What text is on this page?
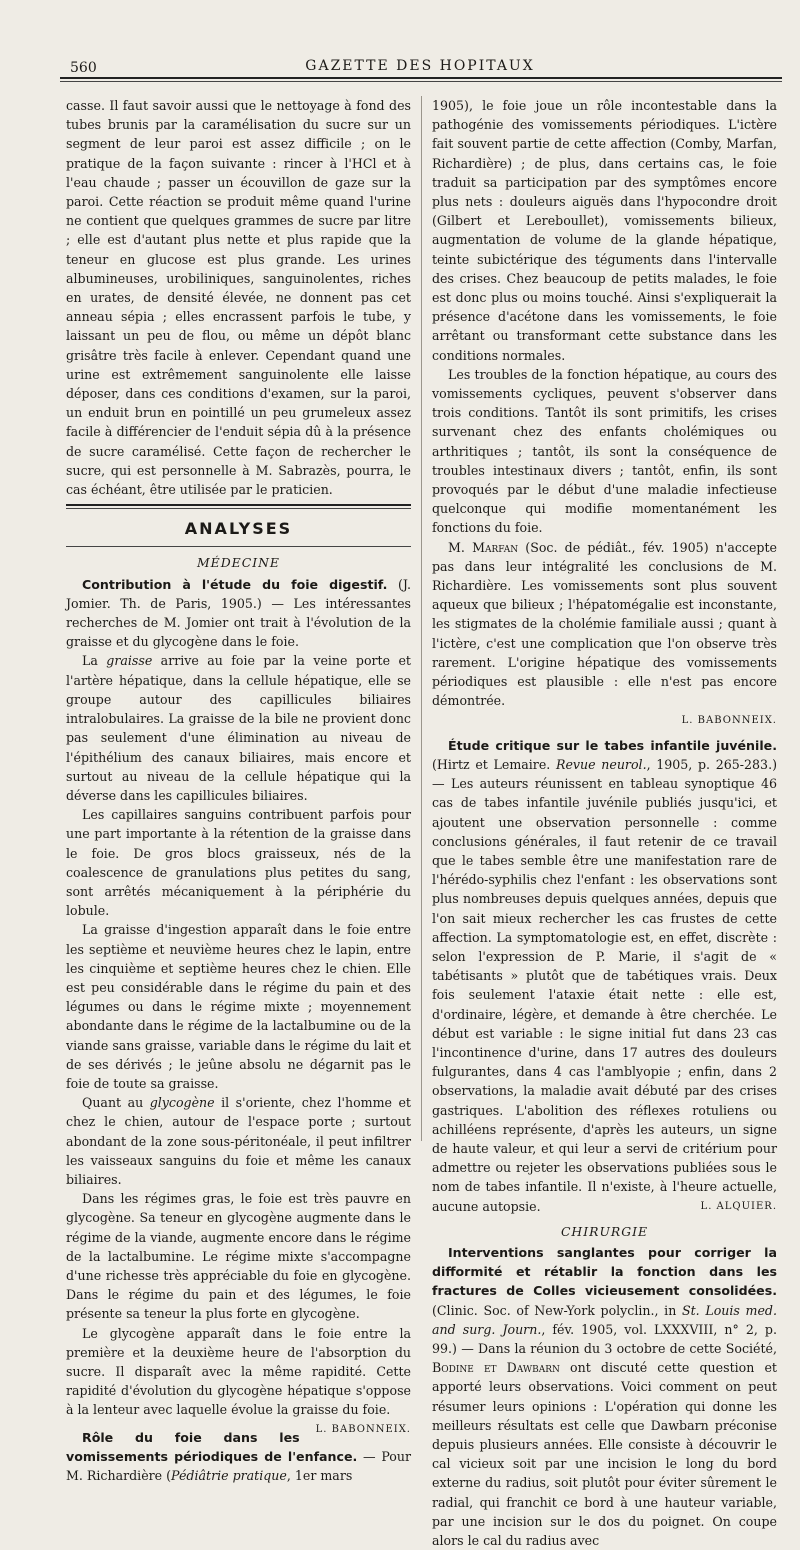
560	GAZETTE DES HOPITAUX

casse. Il faut savoir aussi que le nettoyage à fond des tubes brunis par la caramélisation du sucre sur un segment de leur paroi est assez difficile ; on le pratique de la façon suivante : rincer à l'HCl et à l'eau chaude ; passer un écouvillon de gaze sur la paroi. Cette réaction se produit même quand l'urine ne contient que quelques grammes de sucre par litre ; elle est d'autant plus nette et plus rapide que la teneur en glucose est plus grande. Les urines albumineuses, urobiliniques, sanguinolentes, riches en urates, de densité élevée, ne donnent pas cet anneau sépia ; elles encrassent parfois le tube, y laissant un peu de flou, ou même un dépôt blanc grisâtre très facile à enlever. Cependant quand une urine est extrêmement sanguinolente elle laisse déposer, dans ces conditions d'examen, sur la paroi, un enduit brun en pointillé un peu grumeleux assez facile à différencier de l'enduit sépia dû à la présence de sucre caramélisé. Cette façon de rechercher le sucre, qui est personnelle à M. Sabrazès, pourra, le cas échéant, être utilisée par le praticien.

ANALYSES
MÉDECINE

Contribution à l'étude du foie digestif. (J. Jomier. Th. de Paris, 1905.) — Les intéressantes recherches de M. Jomier ont trait à l'évolution de la graisse et du glycogène dans le foie.

La graisse arrive au foie par la veine porte et l'artère hépatique, dans la cellule hépatique, elle se groupe autour des capillicules biliaires intralobulaires. La graisse de la bile ne provient donc pas seulement d'une élimination au niveau de l'épithélium des canaux biliaires, mais encore et surtout au niveau de la cellule hépatique qui la déverse dans les capillicules biliaires.

Les capillaires sanguins contribuent parfois pour une part importante à la rétention de la graisse dans le foie. De gros blocs graisseux, nés de la coalescence de granulations plus petites du sang, sont arrêtés mécaniquement à la périphérie du lobule.

La graisse d'ingestion apparaît dans le foie entre les septième et neuvième heures chez le lapin, entre les cinquième et septième heures chez le chien. Elle est peu considérable dans le régime du pain et des légumes ou dans le régime mixte ; moyennement abondante dans le régime de la lactalbumine ou de la viande sans graisse, variable dans le régime du lait et de ses dérivés ; le jeûne absolu ne dégarnit pas le foie de toute sa graisse.

Quant au glycogène il s'oriente, chez l'homme et chez le chien, autour de l'espace porte ; surtout abondant de la zone sous-péritonéale, il peut infiltrer les vaisseaux sanguins du foie et même les canaux biliaires.

Dans les régimes gras, le foie est très pauvre en glycogène. Sa teneur en glycogène augmente dans le régime de la viande, augmente encore dans le régime de la lactalbumine. Le régime mixte s'accompagne d'une richesse très appréciable du foie en glycogène. Dans le régime du pain et des légumes, le foie présente sa teneur la plus forte en glycogène.

Le glycogène apparaît dans le foie entre la première et la deuxième heure de l'absorption du sucre. Il disparaît avec la même rapidité. Cette rapidité d'évolution du glycogène hépatique s'oppose à la lenteur avec laquelle évolue la graisse du foie.
L. BABONNEIX.

Rôle du foie dans les vomissements périodiques de l'enfance. — Pour M. Richardière (Pédiâtrie pratique, 1er mars

1905), le foie joue un rôle incontestable dans la pathogénie des vomissements périodiques. L'ictère fait souvent partie de cette affection (Comby, Marfan, Richardière) ; de plus, dans certains cas, le foie traduit sa participation par des symptômes encore plus nets : douleurs aiguës dans l'hypocondre droit (Gilbert et Lereboullet), vomissements bilieux, augmentation de volume de la glande hépatique, teinte subictérique des téguments dans l'intervalle des crises. Chez beaucoup de petits malades, le foie est donc plus ou moins touché. Ainsi s'expliquerait la présence d'acétone dans les vomissements, le foie arrêtant ou transformant cette substance dans les conditions normales.

Les troubles de la fonction hépatique, au cours des vomissements cycliques, peuvent s'observer dans trois conditions. Tantôt ils sont primitifs, les crises survenant chez des enfants cholémiques ou arthritiques ; tantôt, ils sont la conséquence de troubles intestinaux divers ; tantôt, enfin, ils sont provoqués par le début d'une maladie infectieuse quelconque qui modifie momentanément les fonctions du foie.

M. Marfan (Soc. de pédiât., fév. 1905) n'accepte pas dans leur intégralité les conclusions de M. Richardière. Les vomissements sont plus souvent aqueux que bilieux ; l'hépatomégalie est inconstante, les stigmates de la cholémie familiale aussi ; quant à l'ictère, c'est une complication que l'on observe très rarement. L'origine hépatique des vomissements périodiques est plausible : elle n'est pas encore démontrée.

L. BABONNEIX.

Étude critique sur le tabes infantile juvénile. (Hirtz et Lemaire. Revue neurol., 1905, p. 265-283.) — Les auteurs réunissent en tableau synoptique 46 cas de tabes infantile juvénile publiés jusqu'ici, et ajoutent une observation personnelle : comme conclusions générales, il faut retenir de ce travail que le tabes semble être une manifestation rare de l'hérédo-syphilis chez l'enfant : les observations sont plus nombreuses depuis quelques années, depuis que l'on sait mieux rechercher les cas frustes de cette affection. La symptomatologie est, en effet, discrète : selon l'expression de P. Marie, il s'agit de « tabétisants » plutôt que de tabétiques vrais. Deux fois seulement l'ataxie était nette : elle est, d'ordinaire, légère, et demande à être cherchée. Le début est variable : le signe initial fut dans 23 cas l'incontinence d'urine, dans 17 autres des douleurs fulgurantes, dans 4 cas l'amblyopie ; enfin, dans 2 observations, la maladie avait débuté par des crises gastriques. L'abolition des réflexes rotuliens ou achilléens représente, d'après les auteurs, un signe de haute valeur, et qui leur a servi de critérium pour admettre ou rejeter les observations publiées sous le nom de tabes infantile. Il n'existe, à l'heure actuelle, aucune autopsie.	L. ALQUIER.

CHIRURGIE

Interventions sanglantes pour corriger la difformité et rétablir la fonction dans les fractures de Colles vicieusement consolidées. (Clinic. Soc. of New-York polyclin., in St. Louis med. and surg. Journ., fév. 1905, vol. LXXXVIII, n° 2, p. 99.) — Dans la réunion du 3 octobre de cette Société, Bodine et Dawbarn ont discuté cette question et apporté leurs observations. Voici comment on peut résumer leurs opinions : L'opération qui donne les meilleurs résultats est celle que Dawbarn préconise depuis plusieurs années. Elle consiste à découvrir le cal vicieux soit par une incision le long du bord externe du radius, soit plutôt pour éviter sûrement le radial, qui franchit ce bord à une hauteur variable, par une incision sur le dos du poignet. On coupe alors le cal du radius avec
